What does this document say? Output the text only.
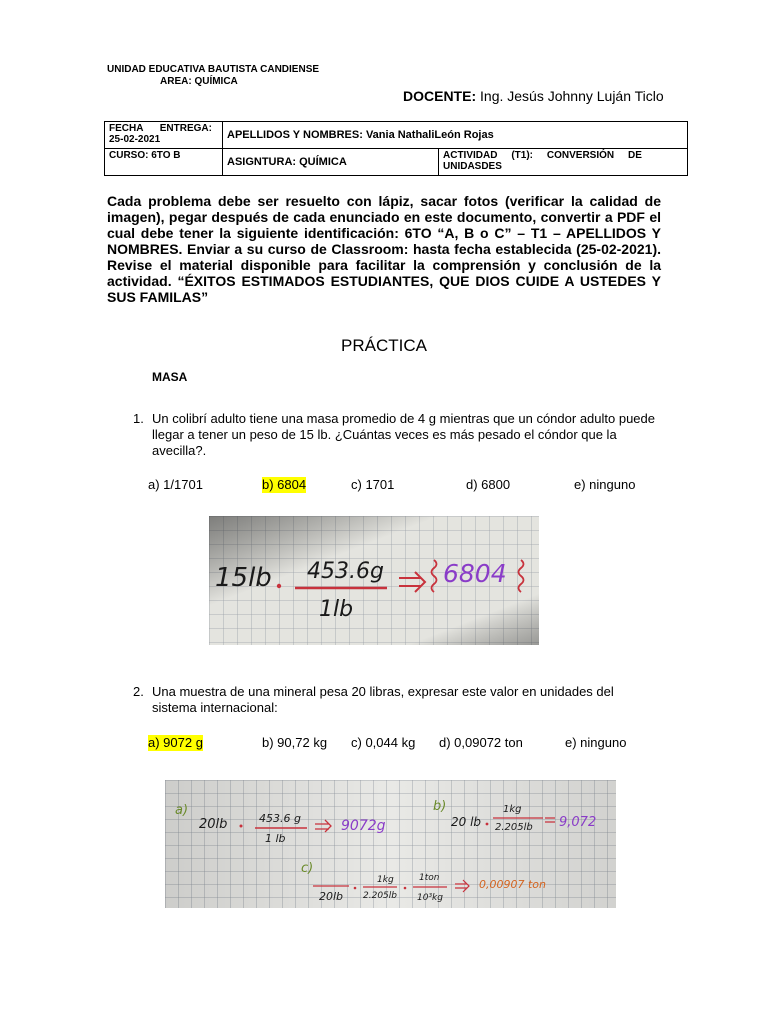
UNIDAD EDUCATIVA BAUTISTA CANDIENSE
AREA: QUÍMICA
DOCENTE: Ing. Jesús Johnny Luján Ticlo
FECHA      ENTREGA:
25-02-2021	APELLIDOS Y NOMBRES: Vania NathaliLeón Rojas	
CURSO: 6TO B	ASIGNTURA: QUÍMICA	ACTIVIDAD     (T1):     CONVERSIÓN     DE UNIDASDES

Cada problema debe ser resuelto con lápiz, sacar fotos (verificar la calidad de imagen), pegar después de cada enunciado en este documento, convertir a PDF el cual debe tener la siguiente identificación: 6TO “A, B o C” – T1 – APELLIDOS Y NOMBRES. Enviar a su curso de Classroom: hasta fecha establecida (25-02-2021). Revise el material disponible para facilitar la comprensión y conclusión de la actividad. “ÉXITOS ESTIMADOS ESTUDIANTES, QUE DIOS CUIDE A USTEDES Y SUS FAMILAS”

PRÁCTICA
MASA
1. Un colibrí adulto tiene una masa promedio de 4 g mientras que un cóndor adulto puede llegar a tener un peso de 15 lb. ¿Cuántas veces es más pesado el cóndor que la avecilla?.
a) 1/1701	b) 6804	c) 1701	d) 6800	e) ninguno
15lb 453.6g
1lb
6804
2. Una muestra de una mineral pesa 20 libras, expresar este valor en unidades del sistema internacional:
a) 9072 g	b) 90,72 kg c) 0,044 kg d) 0,09072 ton	e) ninguno
a)
20lb	453.6 g
1 lb
9072g
b)
20 lb
1kg
2.205lb 9,072
c)
20lb
1kg
2.205lb
1ton
10³kg
0,00907 ton
